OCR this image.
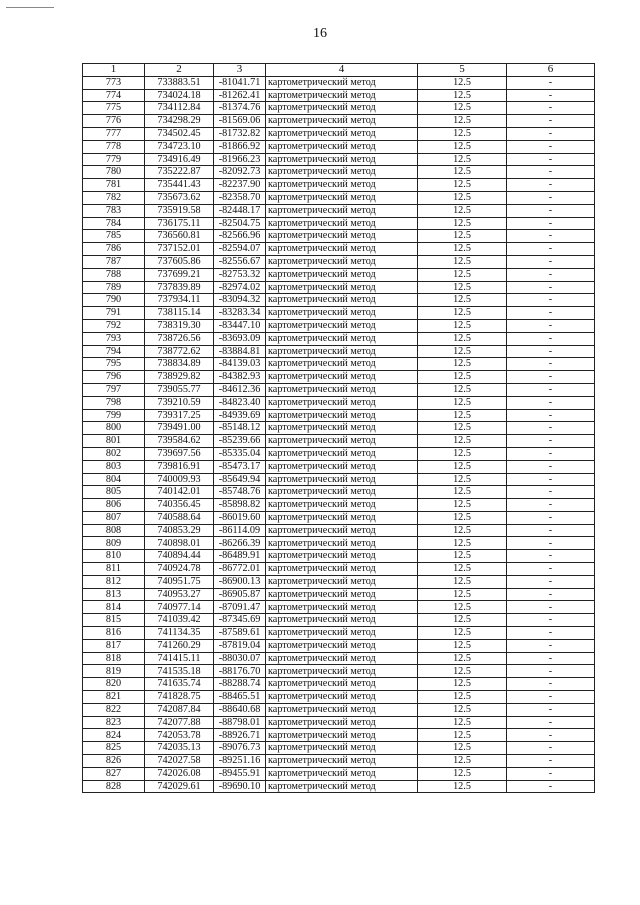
16
1	2	3	4	5	6
773	733883.51	-81041.71	картометрический метод	12.5	-
774	734024.18	-81262.41	картометрический метод	12.5	-
775	734112.84	-81374.76	картометрический метод	12.5	-
776	734298.29	-81569.06	картометрический метод	12.5	-
777	734502.45	-81732.82	картометрический метод	12.5	-
778	734723.10	-81866.92	картометрический метод	12.5	-
779	734916.49	-81966.23	картометрический метод	12.5	-
780	735222.87	-82092.73	картометрический метод	12.5	-
781	735441.43	-82237.90	картометрический метод	12.5	-
782	735673.62	-82358.70	картометрический метод	12.5	-
783	735919.58	-82448.17	картометрический метод	12.5	-
784	736175.11	-82504.75	картометрический метод	12.5	-
785	736560.81	-82566.96	картометрический метод	12.5	-
786	737152.01	-82594.07	картометрический метод	12.5	-
787	737605.86	-82556.67	картометрический метод	12.5	-
788	737699.21	-82753.32	картометрический метод	12.5	-
789	737839.89	-82974.02	картометрический метод	12.5	-
790	737934.11	-83094.32	картометрический метод	12.5	-
791	738115.14	-83283.34	картометрический метод	12.5	-
792	738319.30	-83447.10	картометрический метод	12.5	-
793	738726.56	-83693.09	картометрический метод	12.5	-
794	738772.62	-83884.81	картометрический метод	12.5	-
795	738834.89	-84139.03	картометрический метод	12.5	-
796	738929.82	-84382.93	картометрический метод	12.5	-
797	739055.77	-84612.36	картометрический метод	12.5	-
798	739210.59	-84823.40	картометрический метод	12.5	-
799	739317.25	-84939.69	картометрический метод	12.5	-
800	739491.00	-85148.12	картометрический метод	12.5	-
801	739584.62	-85239.66	картометрический метод	12.5	-
802	739697.56	-85335.04	картометрический метод	12.5	-
803	739816.91	-85473.17	картометрический метод	12.5	-
804	740009.93	-85649.94	картометрический метод	12.5	-
805	740142.01	-85748.76	картометрический метод	12.5	-
806	740356.45	-85898.82	картометрический метод	12.5	-
807	740588.64	-86019.60	картометрический метод	12.5	-
808	740853.29	-86114.09	картометрический метод	12.5	-
809	740898.01	-86266.39	картометрический метод	12.5	-
810	740894.44	-86489.91	картометрический метод	12.5	-
811	740924.78	-86772.01	картометрический метод	12.5	-
812	740951.75	-86900.13	картометрический метод	12.5	-
813	740953.27	-86905.87	картометрический метод	12.5	-
814	740977.14	-87091.47	картометрический метод	12.5	-
815	741039.42	-87345.69	картометрический метод	12.5	-
816	741134.35	-87589.61	картометрический метод	12.5	-
817	741260.29	-87819.04	картометрический метод	12.5	-
818	741415.11	-88030.07	картометрический метод	12.5	-
819	741535.18	-88176.70	картометрический метод	12.5	-
820	741635.74	-88288.74	картометрический метод	12.5	-
821	741828.75	-88465.51	картометрический метод	12.5	-
822	742087.84	-88640.68	картометрический метод	12.5	-
823	742077.88	-88798.01	картометрический метод	12.5	-
824	742053.78	-88926.71	картометрический метод	12.5	-
825	742035.13	-89076.73	картометрический метод	12.5	-
826	742027.58	-89251.16	картометрический метод	12.5	-
827	742026.08	-89455.91	картометрический метод	12.5	-
828	742029.61	-89690.10	картометрический метод	12.5	-
